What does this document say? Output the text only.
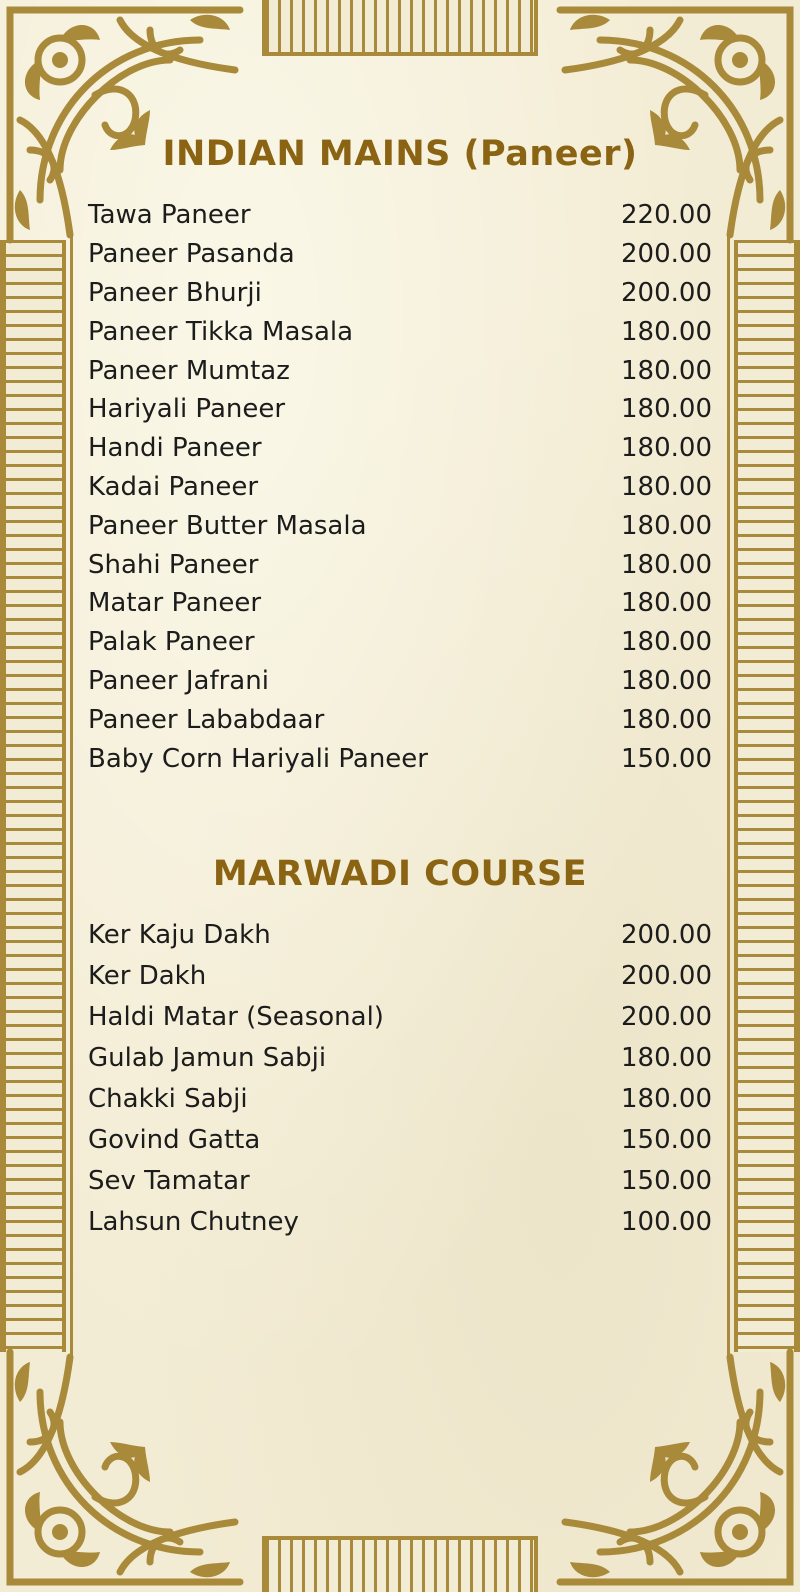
INDIAN MAINS (Paneer)
Tawa Paneer	220.00
Paneer Pasanda	200.00
Paneer Bhurji	200.00
Paneer Tikka Masala	180.00
Paneer Mumtaz	180.00
Hariyali Paneer	180.00
Handi Paneer	180.00
Kadai Paneer	180.00
Paneer Butter Masala	180.00
Shahi Paneer	180.00
Matar Paneer	180.00
Palak Paneer	180.00
Paneer Jafrani	180.00
Paneer Lababdaar	180.00
Baby Corn Hariyali Paneer	150.00
MARWADI COURSE
Ker Kaju Dakh	200.00
Ker Dakh	200.00
Haldi Matar (Seasonal)	200.00
Gulab Jamun Sabji	180.00
Chakki Sabji	180.00
Govind Gatta	150.00
Sev Tamatar	150.00
Lahsun Chutney	100.00
